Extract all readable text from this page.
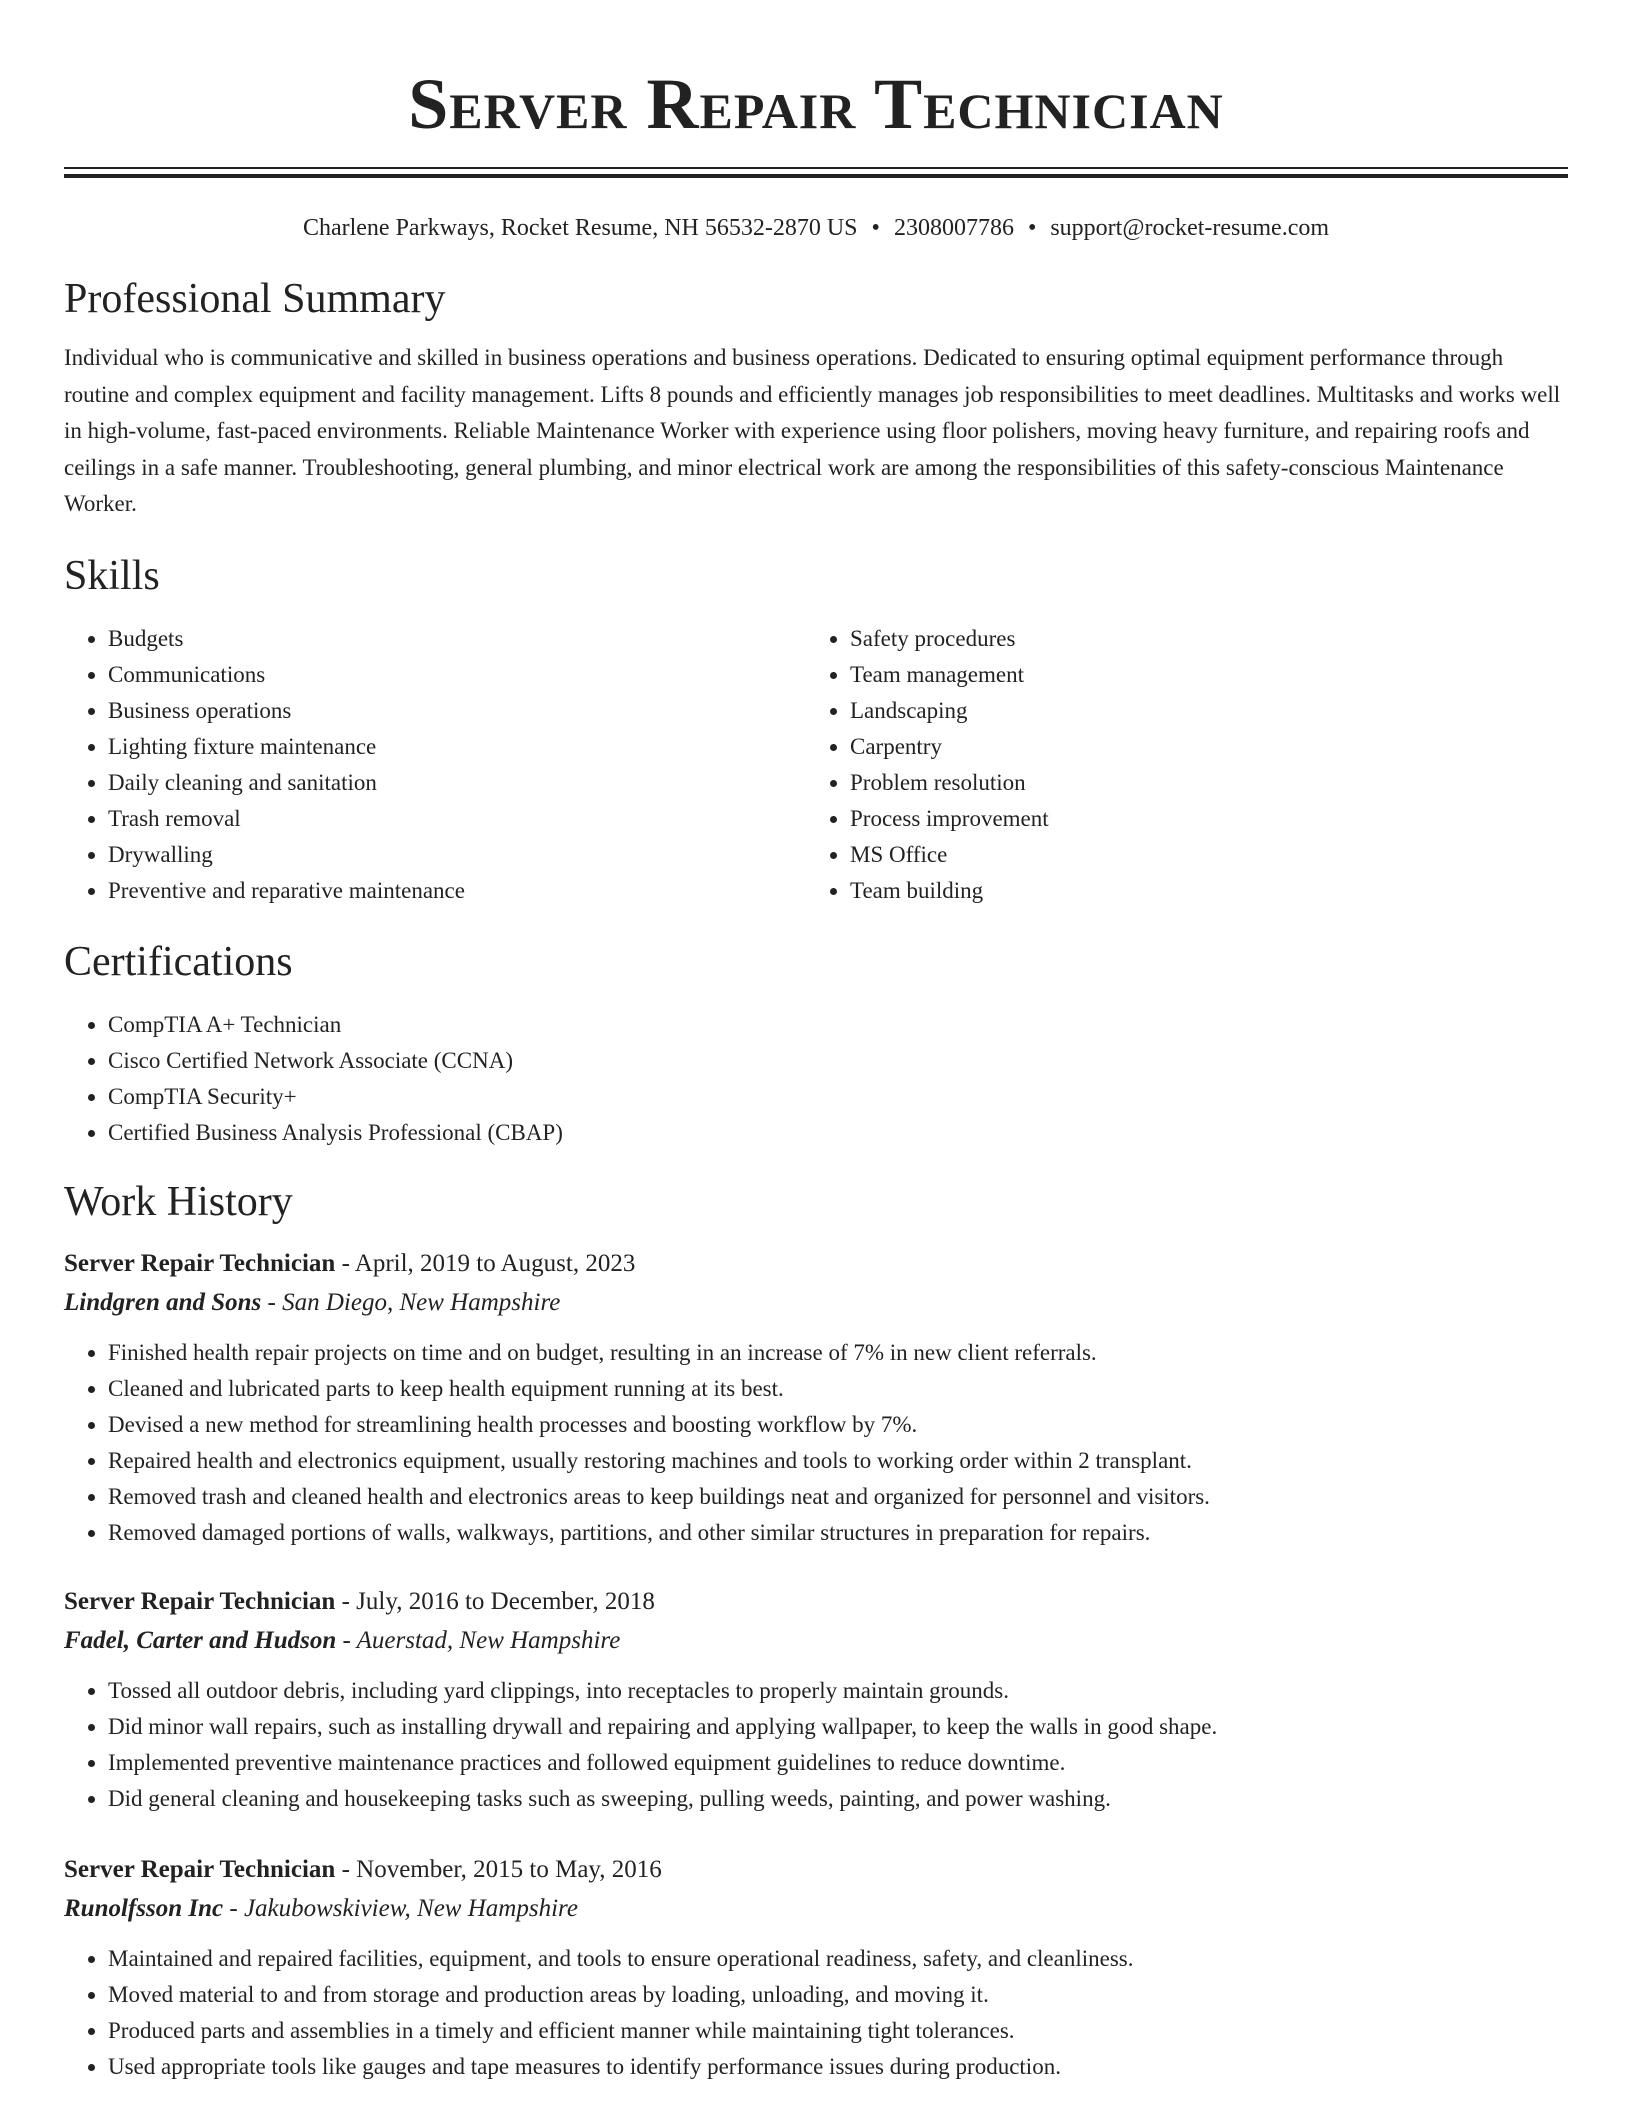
Server Repair Technician
Charlene Parkways, Rocket Resume, NH 56532-2870 US • 2308007786 • support@rocket-resume.com
Professional Summary

Individual who is communicative and skilled in business operations and business operations. Dedicated to ensuring optimal equipment performance through routine and complex equipment and facility management. Lifts 8 pounds and efficiently manages job responsibilities to meet deadlines. Multitasks and works well in high-volume, fast-paced environments. Reliable Maintenance Worker with experience using floor polishers, moving heavy furniture, and repairing roofs and ceilings in a safe manner. Troubleshooting, general plumbing, and minor electrical work are among the responsibilities of this safety-conscious Maintenance Worker.

Skills
• Budgets
• Communications
• Business operations
• Lighting fixture maintenance
• Daily cleaning and sanitation
• Trash removal
• Drywalling
• Preventive and reparative maintenance
• Safety procedures
• Team management
• Landscaping
• Carpentry
• Problem resolution
• Process improvement
• MS Office
• Team building
Certifications
• CompTIA A+ Technician
• Cisco Certified Network Associate (CCNA)
• CompTIA Security+
• Certified Business Analysis Professional (CBAP)
Work History
Server Repair Technician - April, 2019 to August, 2023
Lindgren and Sons - San Diego, New Hampshire
• Finished health repair projects on time and on budget, resulting in an increase of 7% in new client referrals.
• Cleaned and lubricated parts to keep health equipment running at its best.
• Devised a new method for streamlining health processes and boosting workflow by 7%.
• Repaired health and electronics equipment, usually restoring machines and tools to working order within 2 transplant.
• Removed trash and cleaned health and electronics areas to keep buildings neat and organized for personnel and visitors.
• Removed damaged portions of walls, walkways, partitions, and other similar structures in preparation for repairs.
Server Repair Technician - July, 2016 to December, 2018
Fadel, Carter and Hudson - Auerstad, New Hampshire
• Tossed all outdoor debris, including yard clippings, into receptacles to properly maintain grounds.
• Did minor wall repairs, such as installing drywall and repairing and applying wallpaper, to keep the walls in good shape.
• Implemented preventive maintenance practices and followed equipment guidelines to reduce downtime.
• Did general cleaning and housekeeping tasks such as sweeping, pulling weeds, painting, and power washing.
Server Repair Technician - November, 2015 to May, 2016
Runolfsson Inc - Jakubowskiview, New Hampshire
• Maintained and repaired facilities, equipment, and tools to ensure operational readiness, safety, and cleanliness.
• Moved material to and from storage and production areas by loading, unloading, and moving it.
• Produced parts and assemblies in a timely and efficient manner while maintaining tight tolerances.
• Used appropriate tools like gauges and tape measures to identify performance issues during production.
